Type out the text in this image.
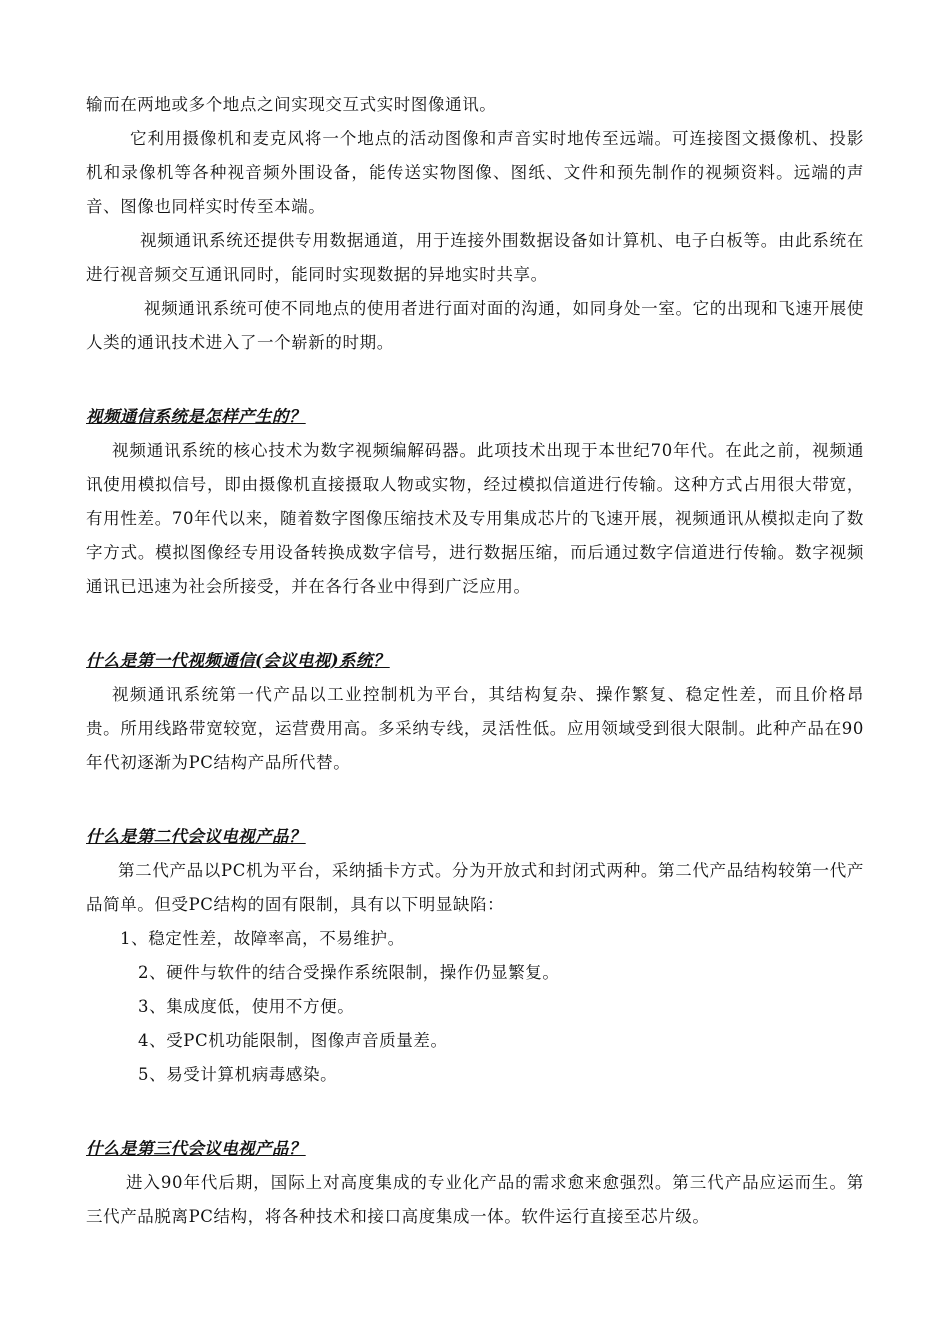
输而在两地或多个地点之间实现交互式实时图像通讯。

它利用摄像机和麦克风将一个地点的活动图像和声音实时地传至远端。可连接图文摄像机、投影机和录像机等各种视音频外围设备，能传送实物图像、图纸、文件和预先制作的视频资料。远端的声音、图像也同样实时传至本端。

视频通讯系统还提供专用数据通道，用于连接外围数据设备如计算机、电子白板等。由此系统在进行视音频交互通讯同时，能同时实现数据的异地实时共享。

视频通讯系统可使不同地点的使用者进行面对面的沟通，如同身处一室。它的出现和飞速开展使人类的通讯技术进入了一个崭新的时期。

视频通信系统是怎样产生的？

视频通讯系统的核心技术为数字视频编解码器。此项技术出现于本世纪70年代。在此之前，视频通讯使用模拟信号，即由摄像机直接摄取人物或实物，经过模拟信道进行传输。这种方式占用很大带宽，有用性差。70年代以来，随着数字图像压缩技术及专用集成芯片的飞速开展，视频通讯从模拟走向了数字方式。模拟图像经专用设备转换成数字信号，进行数据压缩，而后通过数字信道进行传输。数字视频通讯已迅速为社会所接受，并在各行各业中得到广泛应用。

什么是第一代视频通信(会议电视)系统？

视频通讯系统第一代产品以工业控制机为平台，其结构复杂、操作繁复、稳定性差，而且价格昂贵。所用线路带宽较宽，运营费用高。多采纳专线，灵活性低。应用领域受到很大限制。此种产品在90年代初逐渐为PC结构产品所代替。

什么是第二代会议电视产品？

第二代产品以PC机为平台，采纳插卡方式。分为开放式和封闭式两种。第二代产品结构较第一代产品简单。但受PC结构的固有限制，具有以下明显缺陷：

1、稳定性差，故障率高，不易维护。

2、硬件与软件的结合受操作系统限制，操作仍显繁复。

3、集成度低，使用不方便。

4、受PC机功能限制，图像声音质量差。

5、易受计算机病毒感染。

什么是第三代会议电视产品？

进入90年代后期，国际上对高度集成的专业化产品的需求愈来愈强烈。第三代产品应运而生。第三代产品脱离PC结构，将各种技术和接口高度集成一体。软件运行直接至芯片级。
